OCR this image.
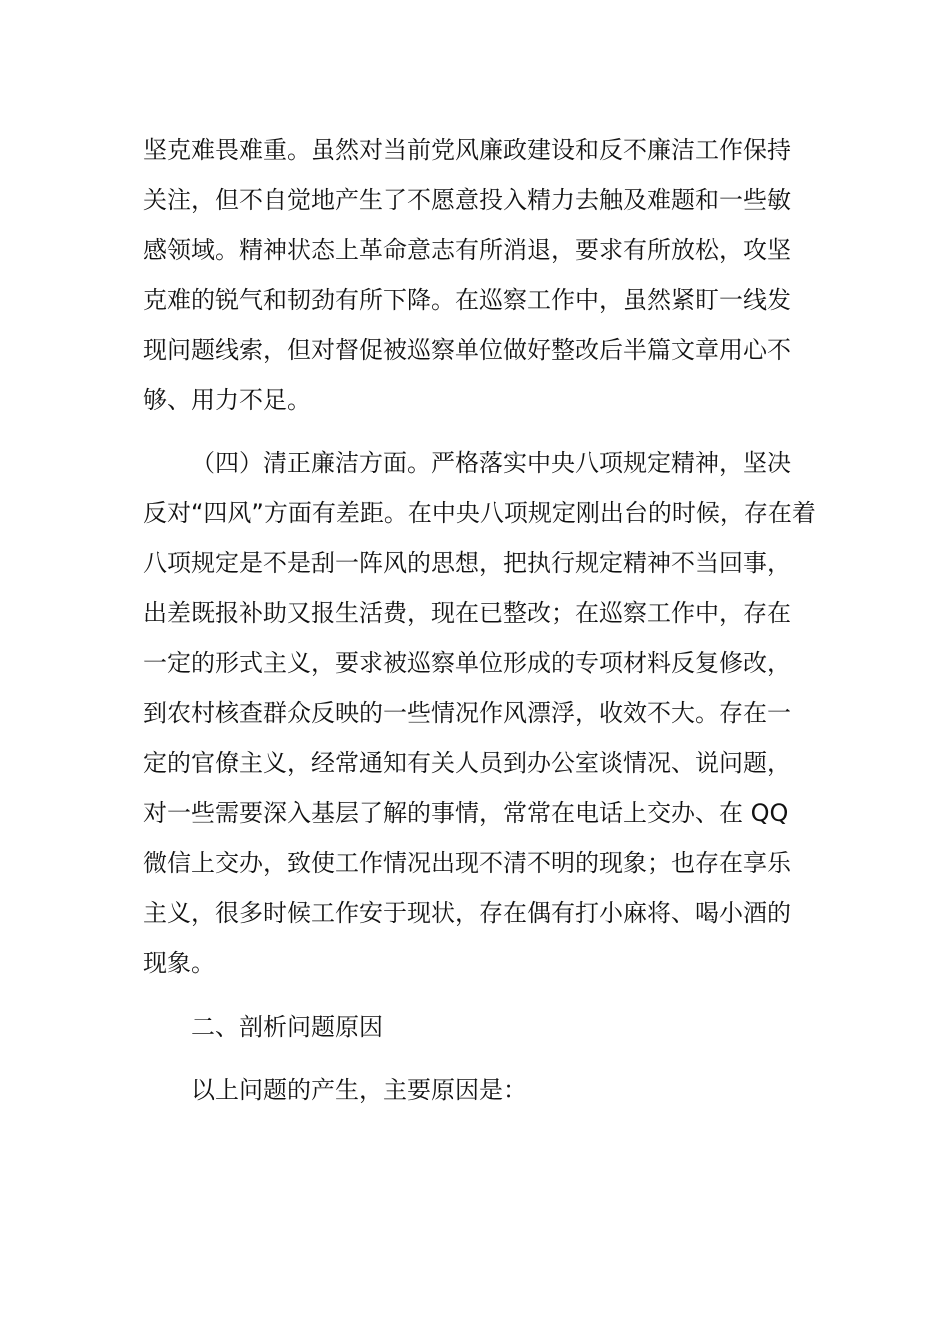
坚克难畏难重。虽然对当前党风廉政建设和反不廉洁工作保持
关注，但不自觉地产生了不愿意投入精力去触及难题和一些敏
感领域。精神状态上革命意志有所消退，要求有所放松，攻坚
克难的锐气和韧劲有所下降。在巡察工作中，虽然紧盯一线发
现问题线索，但对督促被巡察单位做好整改后半篇文章用心不
够、用力不足。
（四）清正廉洁方面。严格落实中央八项规定精神，坚决
反对“四风”方面有差距。在中央八项规定刚出台的时候，存在着
八项规定是不是刮一阵风的思想，把执行规定精神不当回事，
出差既报补助又报生活费，现在已整改；在巡察工作中，存在
一定的形式主义，要求被巡察单位形成的专项材料反复修改，
到农村核查群众反映的一些情况作风漂浮，收效不大。存在一
定的官僚主义，经常通知有关人员到办公室谈情况、说问题，
对一些需要深入基层了解的事情，常常在电话上交办、在 QQ
微信上交办，致使工作情况出现不清不明的现象；也存在享乐
主义，很多时候工作安于现状，存在偶有打小麻将、喝小酒的
现象。
二、剖析问题原因
以上问题的产生，主要原因是：
